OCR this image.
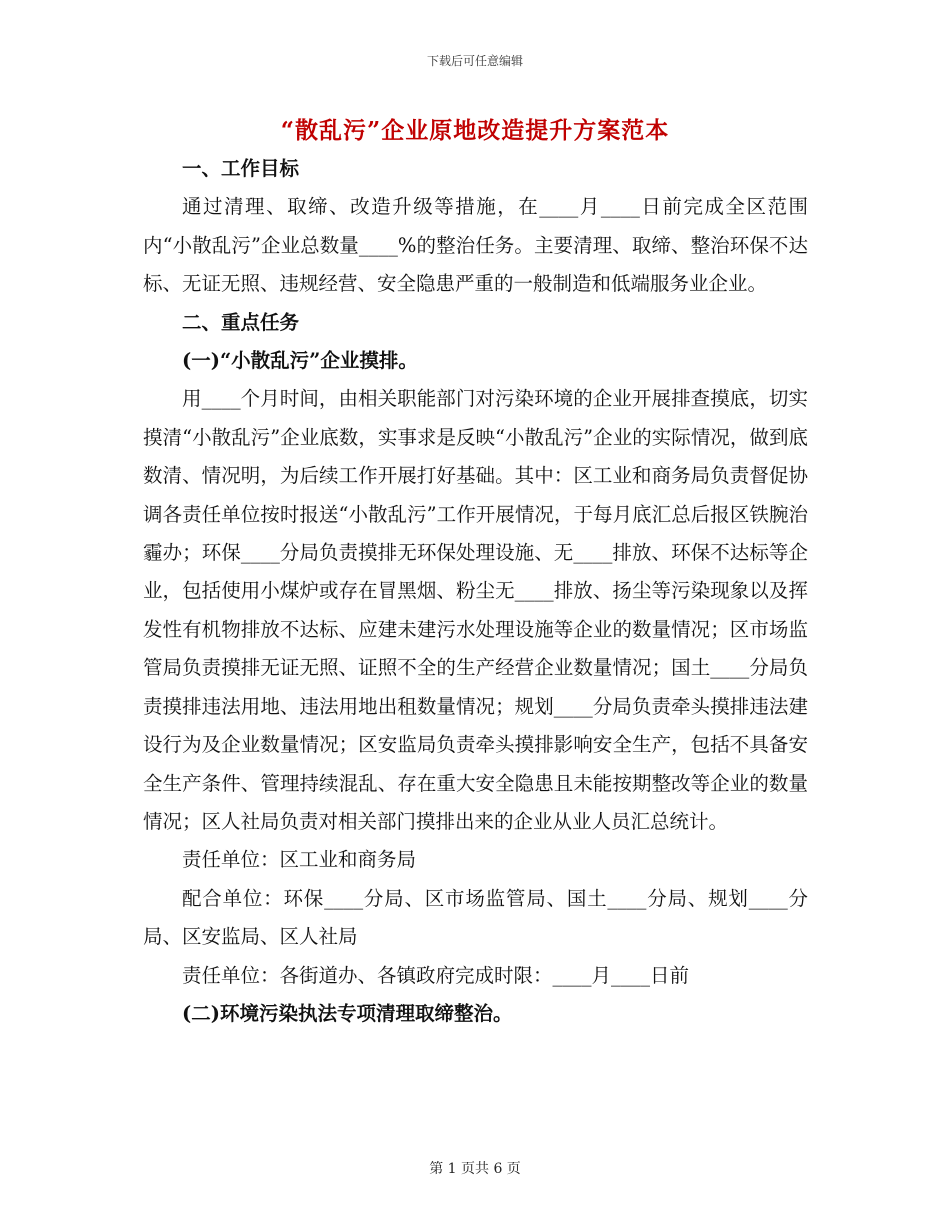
下载后可任意编辑
“散乱污”企业原地改造提升方案范本

一、工作目标

通过清理、取缔、改造升级等措施，在____月____日前完成全区范围内“小散乱污”企业总数量____%的整治任务。主要清理、取缔、整治环保不达标、无证无照、违规经营、安全隐患严重的一般制造和低端服务业企业。

二、重点任务

(一)“小散乱污”企业摸排。

用____个月时间，由相关职能部门对污染环境的企业开展排查摸底，切实摸清“小散乱污”企业底数，实事求是反映“小散乱污”企业的实际情况，做到底数清、情况明，为后续工作开展打好基础。其中：区工业和商务局负责督促协调各责任单位按时报送“小散乱污”工作开展情况，于每月底汇总后报区铁腕治霾办；环保____分局负责摸排无环保处理设施、无____排放、环保不达标等企业，包括使用小煤炉或存在冒黑烟、粉尘无____排放、扬尘等污染现象以及挥发性有机物排放不达标、应建未建污水处理设施等企业的数量情况；区市场监管局负责摸排无证无照、证照不全的生产经营企业数量情况；国土____分局负责摸排违法用地、违法用地出租数量情况；规划____分局负责牵头摸排违法建设行为及企业数量情况；区安监局负责牵头摸排影响安全生产，包括不具备安全生产条件、管理持续混乱、存在重大安全隐患且未能按期整改等企业的数量情况；区人社局负责对相关部门摸排出来的企业从业人员汇总统计。

责任单位：区工业和商务局

配合单位：环保____分局、区市场监管局、国土____分局、规划____分局、区安监局、区人社局

责任单位：各街道办、各镇政府完成时限：____月____日前

(二)环境污染执法专项清理取缔整治。

第 1 页共 6 页
